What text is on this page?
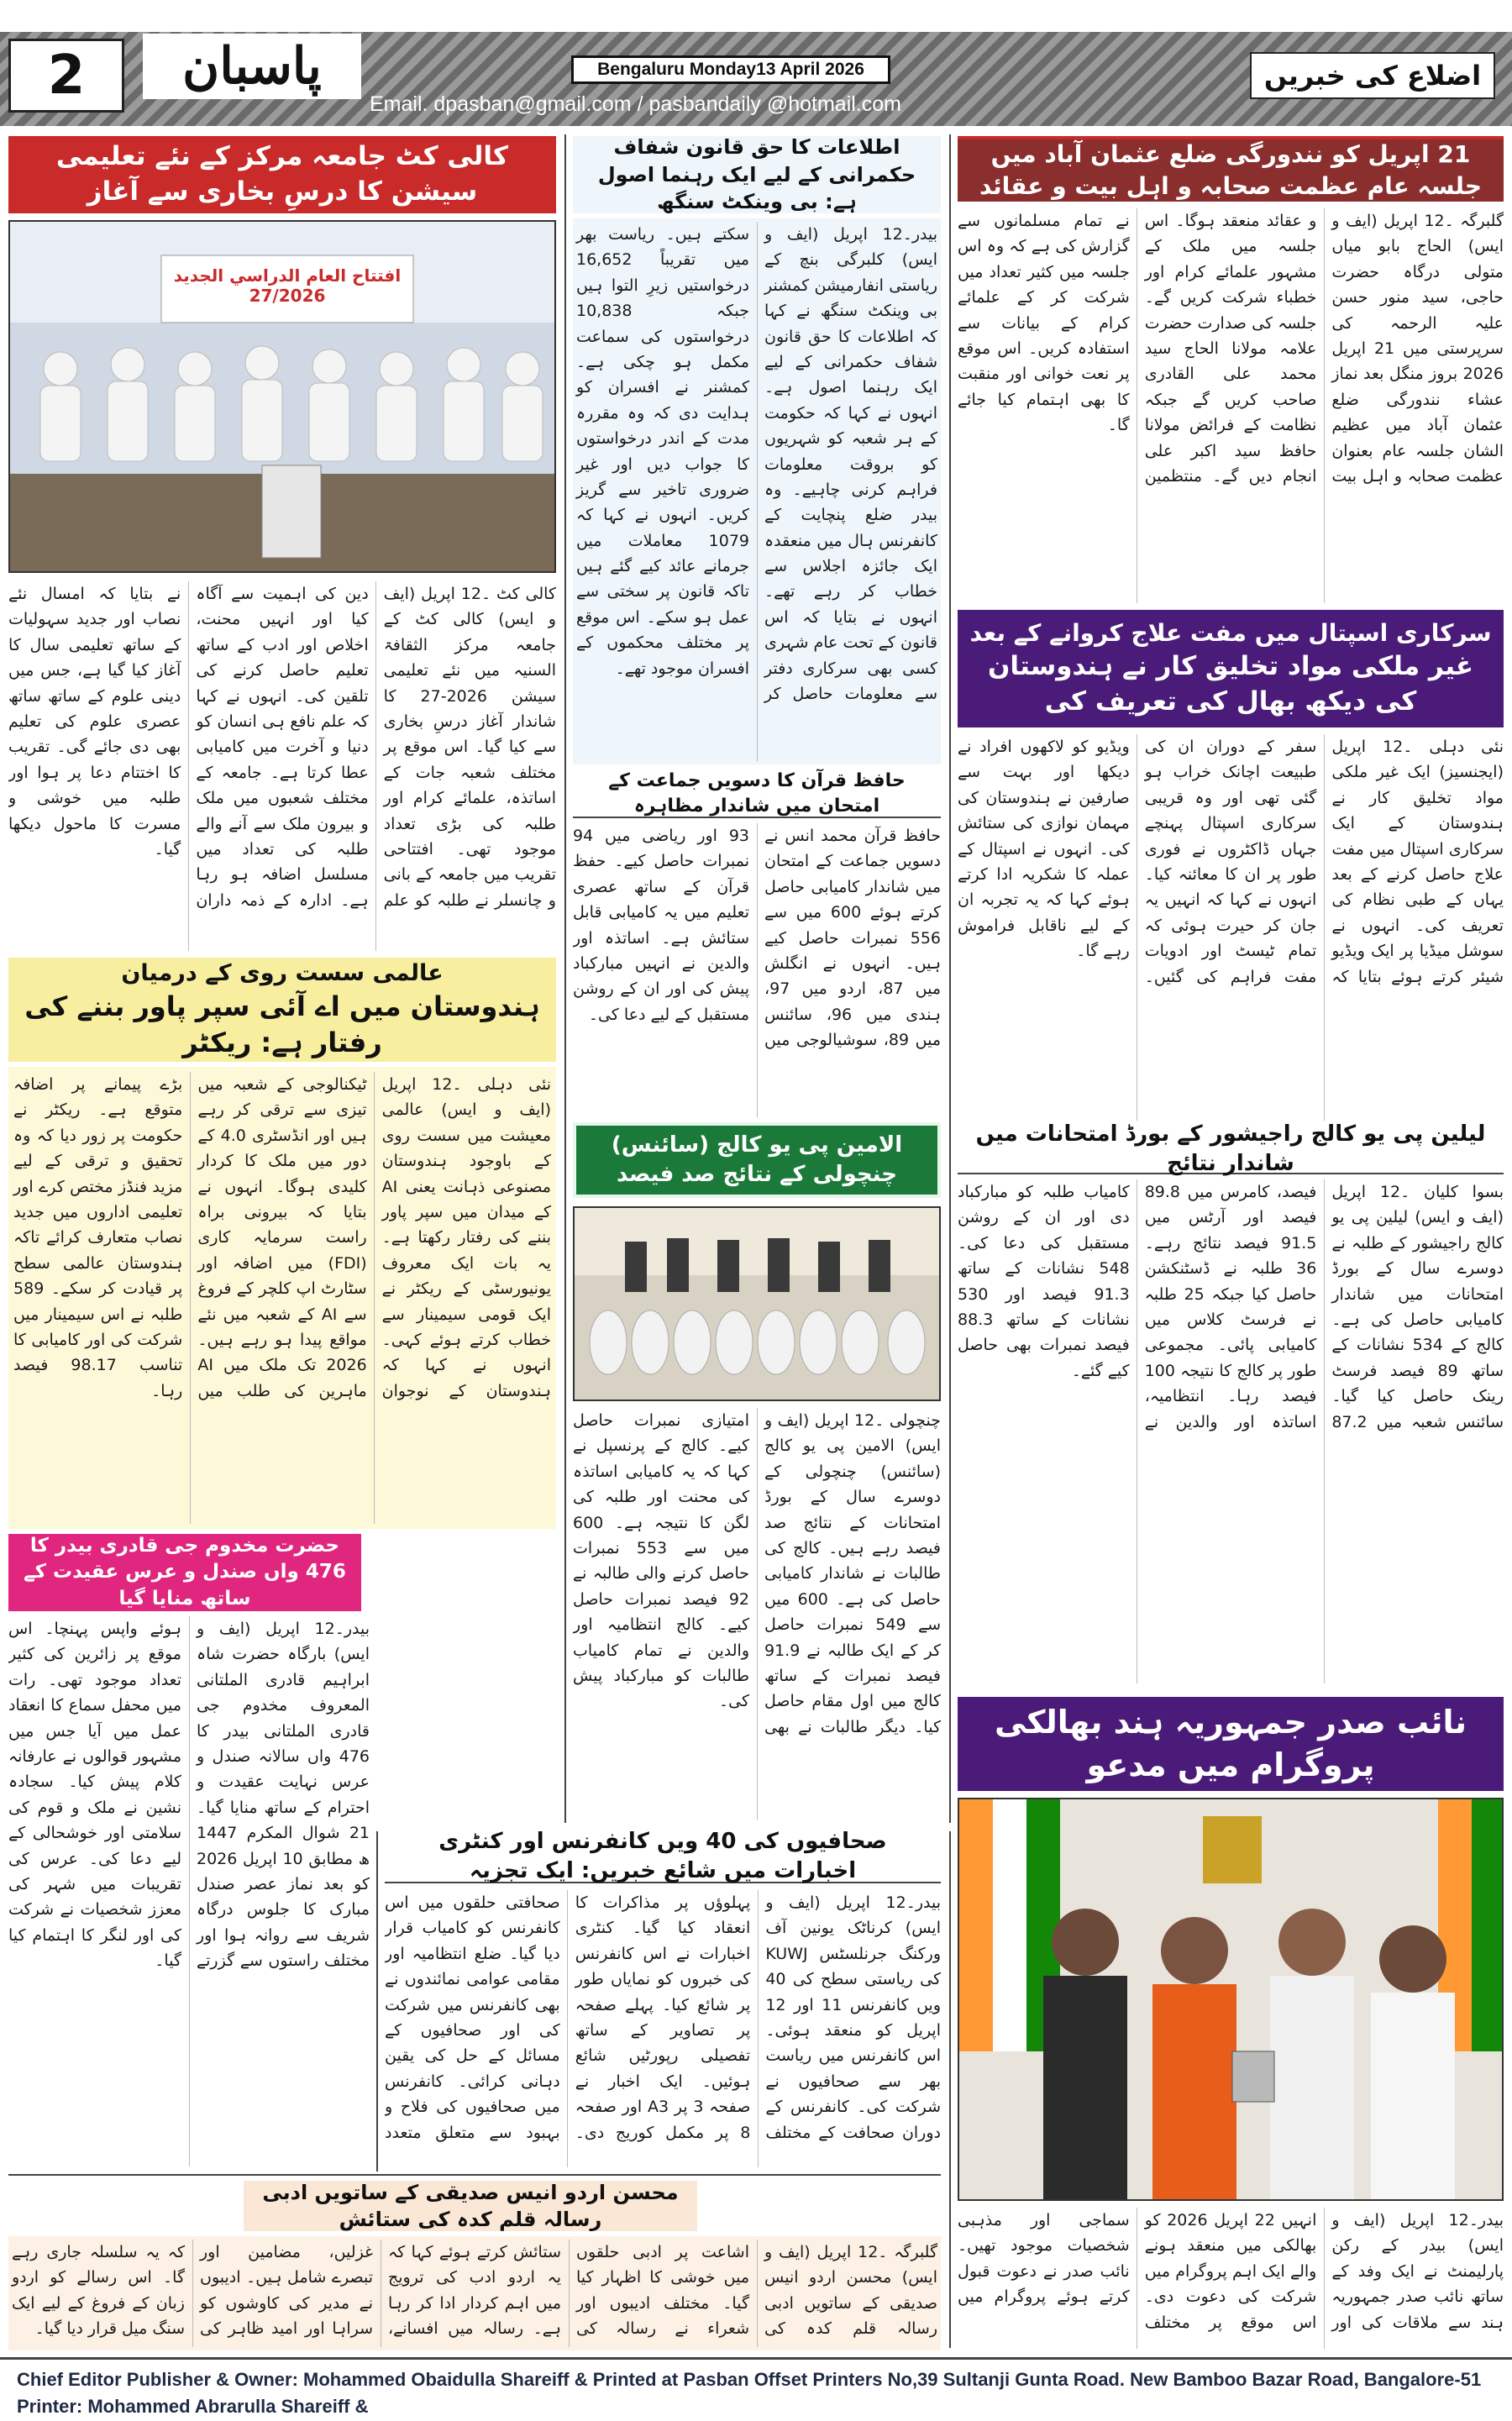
2	پاسبان	Bengaluru Monday13 April 2026
Email. dpasban@gmail.com / pasbandaily @hotmail.com
اضلاع کی خبریں
کالی کٹ جامعہ مرکز کے نئے تعلیمی سیشن کا درسِ بخاری سے آغاز
افتتاح العام الدراسي الجديد 27/2026
کالی کٹ ۔12 اپریل (ایف و ایس) کالی کٹ کے جامعہ مرکز الثقافۃ السنیہ میں نئے تعلیمی سیشن 2026-27 کا شاندار آغاز درسِ بخاری سے کیا گیا۔ اس موقع پر مختلف شعبہ جات کے اساتذہ، علمائے کرام اور طلبہ کی بڑی تعداد موجود تھی۔ افتتاحی تقریب میں جامعہ کے بانی و چانسلر نے طلبہ کو علم دین کی اہمیت سے آگاہ کیا اور انہیں محنت، اخلاص اور ادب کے ساتھ تعلیم حاصل کرنے کی تلقین کی۔ انہوں نے کہا کہ علم نافع ہی انسان کو دنیا و آخرت میں کامیابی عطا کرتا ہے۔ جامعہ کے مختلف شعبوں میں ملک و بیرون ملک سے آنے والے طلبہ کی تعداد میں مسلسل اضافہ ہو رہا ہے۔ ادارہ کے ذمہ داران نے بتایا کہ امسال نئے نصاب اور جدید سہولیات کے ساتھ تعلیمی سال کا آغاز کیا گیا ہے، جس میں دینی علوم کے ساتھ ساتھ عصری علوم کی تعلیم بھی دی جائے گی۔ تقریب کا اختتام دعا پر ہوا اور طلبہ میں خوشی و مسرت کا ماحول دیکھا گیا۔
عالمی سست روی کے درمیان
ہندوستان میں اے آئی سپر پاور بننے کی رفتار ہے: ریکٹر
نئی دہلی ۔12 اپریل (ایف و ایس) عالمی معیشت میں سست روی کے باوجود ہندوستان مصنوعی ذہانت یعنی AI کے میدان میں سپر پاور بننے کی رفتار رکھتا ہے۔ یہ بات ایک معروف یونیورسٹی کے ریکٹر نے ایک قومی سیمینار سے خطاب کرتے ہوئے کہی۔ انہوں نے کہا کہ ہندوستان کے نوجوان ٹیکنالوجی کے شعبہ میں تیزی سے ترقی کر رہے ہیں اور انڈسٹری 4.0 کے دور میں ملک کا کردار کلیدی ہوگا۔ انہوں نے بتایا کہ بیرونی براہ راست سرمایہ کاری (FDI) میں اضافہ اور سٹارٹ اپ کلچر کے فروغ سے AI کے شعبہ میں نئے مواقع پیدا ہو رہے ہیں۔ 2026 تک ملک میں AI ماہرین کی طلب میں بڑے پیمانے پر اضافہ متوقع ہے۔ ریکٹر نے حکومت پر زور دیا کہ وہ تحقیق و ترقی کے لیے مزید فنڈز مختص کرے اور تعلیمی اداروں میں جدید نصاب متعارف کرائے تاکہ ہندوستان عالمی سطح پر قیادت کر سکے۔ 589 طلبہ نے اس سیمینار میں شرکت کی اور کامیابی کا تناسب 98.17 فیصد رہا۔
حضرت مخدوم جی قادری بیدر کا 476 واں صندل و عرس عقیدت کے ساتھ منایا گیا
بیدر۔12 اپریل (ایف و ایس) بارگاہ حضرت شاہ ابراہیم قادری الملتانی المعروف مخدوم جی قادری الملتانی بیدر کا 476 واں سالانہ صندل و عرس نہایت عقیدت و احترام کے ساتھ منایا گیا۔ 21 شوال المکرم 1447 ھ مطابق 10 اپریل 2026 کو بعد نماز عصر صندل مبارک کا جلوس درگاہ شریف سے روانہ ہوا اور مختلف راستوں سے گزرتے ہوئے واپس پہنچا۔ اس موقع پر زائرین کی کثیر تعداد موجود تھی۔ رات میں محفل سماع کا انعقاد عمل میں آیا جس میں مشہور قوالوں نے عارفانہ کلام پیش کیا۔ سجادہ نشین نے ملک و قوم کی سلامتی اور خوشحالی کے لیے دعا کی۔ عرس کی تقریبات میں شہر کی معزز شخصیات نے شرکت کی اور لنگر کا اہتمام کیا گیا۔
اطلاعات کا حق قانون شفاف حکمرانی کے لیے ایک رہنما اصول ہے: بی وینکٹ سنگھ
بیدر۔12 اپریل (ایف و ایس) کلبرگی بنچ کے ریاستی انفارمیشن کمشنر بی وینکٹ سنگھ نے کہا کہ اطلاعات کا حق قانون شفاف حکمرانی کے لیے ایک رہنما اصول ہے۔ انہوں نے کہا کہ حکومت کے ہر شعبہ کو شہریوں کو بروقت معلومات فراہم کرنی چاہیے۔ وہ بیدر ضلع پنچایت کے کانفرنس ہال میں منعقدہ ایک جائزہ اجلاس سے خطاب کر رہے تھے۔ انہوں نے بتایا کہ اس قانون کے تحت عام شہری کسی بھی سرکاری دفتر سے معلومات حاصل کر سکتے ہیں۔ ریاست بھر میں تقریباً 16,652 درخواستیں زیرِ التوا ہیں جبکہ 10,838 درخواستوں کی سماعت مکمل ہو چکی ہے۔ کمشنر نے افسران کو ہدایت دی کہ وہ مقررہ مدت کے اندر درخواستوں کا جواب دیں اور غیر ضروری تاخیر سے گریز کریں۔ انہوں نے کہا کہ 1079 معاملات میں جرمانے عائد کیے گئے ہیں تاکہ قانون پر سختی سے عمل ہو سکے۔ اس موقع پر مختلف محکموں کے افسران موجود تھے۔
حافظ قرآن کا دسویں جماعت کے امتحان میں شاندار مظاہرہ
حافظ قرآن محمد انس نے دسویں جماعت کے امتحان میں شاندار کامیابی حاصل کرتے ہوئے 600 میں سے 556 نمبرات حاصل کیے ہیں۔ انہوں نے انگلش میں 87، اردو میں 97، ہندی میں 96، سائنس میں 89، سوشیالوجی میں 93 اور ریاضی میں 94 نمبرات حاصل کیے۔ حفظ قرآن کے ساتھ عصری تعلیم میں یہ کامیابی قابل ستائش ہے۔ اساتذہ اور والدین نے انہیں مبارکباد پیش کی اور ان کے روشن مستقبل کے لیے دعا کی۔
الامین پی یو کالج (سائنس) چنچولی کے نتائج صد فیصد
چنچولی ۔12 اپریل (ایف و ایس) الامین پی یو کالج (سائنس) چنچولی کے دوسرے سال کے بورڈ امتحانات کے نتائج صد فیصد رہے ہیں۔ کالج کی طالبات نے شاندار کامیابی حاصل کی ہے۔ 600 میں سے 549 نمبرات حاصل کر کے ایک طالبہ نے 91.9 فیصد نمبرات کے ساتھ کالج میں اول مقام حاصل کیا۔ دیگر طالبات نے بھی امتیازی نمبرات حاصل کیے۔ کالج کے پرنسپل نے کہا کہ یہ کامیابی اساتذہ کی محنت اور طلبہ کی لگن کا نتیجہ ہے۔ 600 میں سے 553 نمبرات حاصل کرنے والی طالبہ نے 92 فیصد نمبرات حاصل کیے۔ کالج انتظامیہ اور والدین نے تمام کامیاب طالبات کو مبارکباد پیش کی۔
21 اپریل کو نندورگی ضلع عثمان آباد میں جلسہ عام عظمت صحابہ و اہل بیت و عقائد
گلبرگہ ۔12 اپریل (ایف و ایس) الحاج بابو میاں متولی درگاہ حضرت حاجی، سید منور حسن علیہ الرحمہ کی سرپرستی میں 21 اپریل 2026 بروز منگل بعد نماز عشاء نندورگی ضلع عثمان آباد میں عظیم الشان جلسہ عام بعنوان عظمت صحابہ و اہل بیت و عقائد منعقد ہوگا۔ اس جلسہ میں ملک کے مشہور علمائے کرام اور خطباء شرکت کریں گے۔ جلسہ کی صدارت حضرت علامہ مولانا الحاج سید محمد علی القادری صاحب کریں گے جبکہ نظامت کے فرائض مولانا حافظ سید اکبر علی انجام دیں گے۔ منتظمین نے تمام مسلمانوں سے گزارش کی ہے کہ وہ اس جلسہ میں کثیر تعداد میں شرکت کر کے علمائے کرام کے بیانات سے استفادہ کریں۔ اس موقع پر نعت خوانی اور منقبت کا بھی اہتمام کیا جائے گا۔
سرکاری اسپتال میں مفت علاج کروانے کے بعد
غیر ملکی مواد تخلیق کار نے ہندوستان کی دیکھ بھال کی تعریف کی
نئی دہلی ۔12 اپریل (ایجنسیز) ایک غیر ملکی مواد تخلیق کار نے ہندوستان کے ایک سرکاری اسپتال میں مفت علاج حاصل کرنے کے بعد یہاں کے طبی نظام کی تعریف کی۔ انہوں نے سوشل میڈیا پر ایک ویڈیو شیئر کرتے ہوئے بتایا کہ سفر کے دوران ان کی طبیعت اچانک خراب ہو گئی تھی اور وہ قریبی سرکاری اسپتال پہنچے جہاں ڈاکٹروں نے فوری طور پر ان کا معائنہ کیا۔ انہوں نے کہا کہ انہیں یہ جان کر حیرت ہوئی کہ تمام ٹیسٹ اور ادویات مفت فراہم کی گئیں۔ ویڈیو کو لاکھوں افراد نے دیکھا اور بہت سے صارفین نے ہندوستان کی مہمان نوازی کی ستائش کی۔ انہوں نے اسپتال کے عملہ کا شکریہ ادا کرتے ہوئے کہا کہ یہ تجربہ ان کے لیے ناقابل فراموش رہے گا۔
لیلین پی یو کالج راجیشور کے بورڈ امتحانات میں شاندار نتائج
بسوا کلیان ۔12 اپریل (ایف و ایس) لیلین پی یو کالج راجیشور کے طلبہ نے دوسرے سال کے بورڈ امتحانات میں شاندار کامیابی حاصل کی ہے۔ کالج کے 534 نشانات کے ساتھ 89 فیصد فرسٹ رینک حاصل کیا گیا۔ سائنس شعبہ میں 87.2 فیصد، کامرس میں 89.8 فیصد اور آرٹس میں 91.5 فیصد نتائج رہے۔ 36 طلبہ نے ڈسٹنکشن حاصل کیا جبکہ 25 طلبہ نے فرسٹ کلاس میں کامیابی پائی۔ مجموعی طور پر کالج کا نتیجہ 100 فیصد رہا۔ انتظامیہ، اساتذہ اور والدین نے کامیاب طلبہ کو مبارکباد دی اور ان کے روشن مستقبل کی دعا کی۔ 548 نشانات کے ساتھ 91.3 فیصد اور 530 نشانات کے ساتھ 88.3 فیصد نمبرات بھی حاصل کیے گئے۔
نائب صدر جمہوریہ ہند بھالکی پروگرام میں مدعو
بیدر۔12 اپریل (ایف و ایس) بیدر کے رکن پارلیمنٹ نے ایک وفد کے ساتھ نائب صدر جمہوریہ ہند سے ملاقات کی اور انہیں 22 اپریل 2026 کو بھالکی میں منعقد ہونے والے ایک اہم پروگرام میں شرکت کی دعوت دی۔ اس موقع پر مختلف سماجی اور مذہبی شخصیات موجود تھیں۔ نائب صدر نے دعوت قبول کرتے ہوئے پروگرام میں
صحافیوں کی 40 ویں کانفرنس اور کنٹری اخبارات میں شائع خبریں: ایک تجزیہ
بیدر۔12 اپریل (ایف و ایس) کرناٹک یونین آف ورکنگ جرنلسٹس KUWJ کی ریاستی سطح کی 40 ویں کانفرنس 11 اور 12 اپریل کو منعقد ہوئی۔ اس کانفرنس میں ریاست بھر سے صحافیوں نے شرکت کی۔ کانفرنس کے دوران صحافت کے مختلف پہلوؤں پر مذاکرات کا انعقاد کیا گیا۔ کنٹری اخبارات نے اس کانفرنس کی خبروں کو نمایاں طور پر شائع کیا۔ پہلے صفحہ پر تصاویر کے ساتھ تفصیلی رپورٹیں شائع ہوئیں۔ ایک اخبار نے صفحہ 3 پر A3 اور صفحہ 8 پر مکمل کوریج دی۔ صحافتی حلقوں میں اس کانفرنس کو کامیاب قرار دیا گیا۔ ضلع انتظامیہ اور مقامی عوامی نمائندوں نے بھی کانفرنس میں شرکت کی اور صحافیوں کے مسائل کے حل کی یقین دہانی کرائی۔ کانفرنس میں صحافیوں کی فلاح و بہبود سے متعلق متعدد
محسن اردو انیس صدیقی کے ساتویں ادبی رسالہ قلم کدہ کی ستائش
گلبرگہ ۔12 اپریل (ایف و ایس) محسن اردو انیس صدیقی کے ساتویں ادبی رسالہ قلم کدہ کی اشاعت پر ادبی حلقوں میں خوشی کا اظہار کیا گیا۔ مختلف ادیبوں اور شعراء نے رسالہ کی ستائش کرتے ہوئے کہا کہ یہ اردو ادب کی ترویج میں اہم کردار ادا کر رہا ہے۔ رسالہ میں افسانے، غزلیں، مضامین اور تبصرے شامل ہیں۔ ادیبوں نے مدیر کی کاوشوں کو سراہا اور امید ظاہر کی کہ یہ سلسلہ جاری رہے گا۔ اس رسالے کو اردو زبان کے فروغ کے لیے ایک سنگ میل قرار دیا گیا۔
Chief Editor Publisher & Owner: Mohammed Obaidulla Shareiff & Printed at Pasban Offset Printers No,39 Sultanji Gunta Road. New Bamboo Bazar Road, Bangalore-51 Printer: Mohammed Abrarulla Shareiff &
